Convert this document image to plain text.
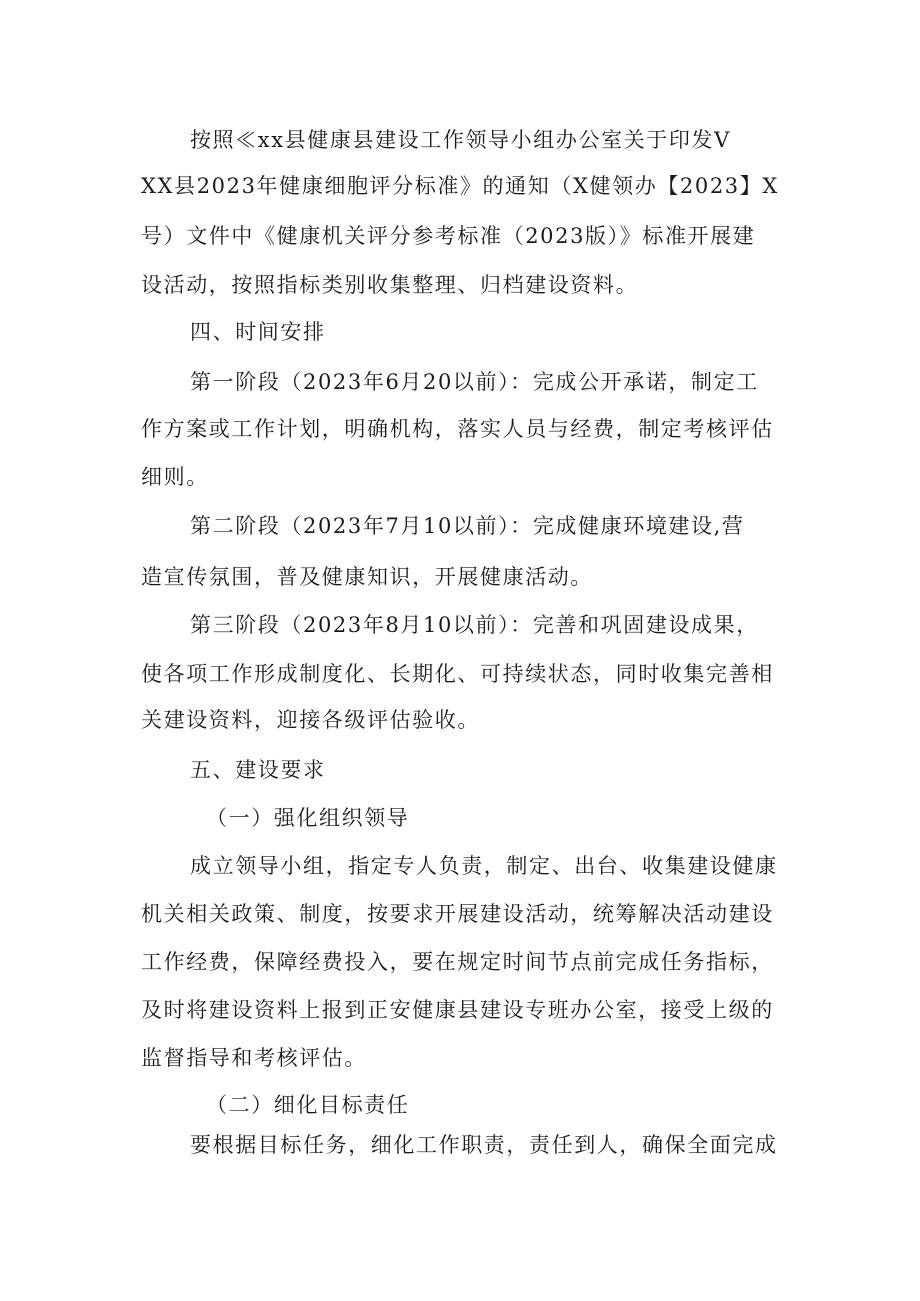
按照≪xx县健康县建设工作领导小组办公室关于印发V
XX县2023年健康细胞评分标准》的通知（X健领办【2023】X
号）文件中《健康机关评分参考标准（2023版）》标准开展建
设活动，按照指标类别收集整理、归档建设资料。
四、时间安排
第一阶段（2023年6月20以前）：完成公开承诺，制定工
作方案或工作计划，明确机构，落实人员与经费，制定考核评估
细则。
第二阶段（2023年7月10以前）：完成健康环境建设,营
造宣传氛围，普及健康知识，开展健康活动。
第三阶段（2023年8月10以前）：完善和巩固建设成果，
使各项工作形成制度化、长期化、可持续状态，同时收集完善相
关建设资料，迎接各级评估验收。
五、建设要求
（一）强化组织领导
成立领导小组，指定专人负责，制定、出台、收集建设健康
机关相关政策、制度，按要求开展建设活动，统筹解决活动建设
工作经费，保障经费投入，要在规定时间节点前完成任务指标，
及时将建设资料上报到正安健康县建设专班办公室，接受上级的
监督指导和考核评估。
（二）细化目标责任
要根据目标任务，细化工作职责，责任到人，确保全面完成
